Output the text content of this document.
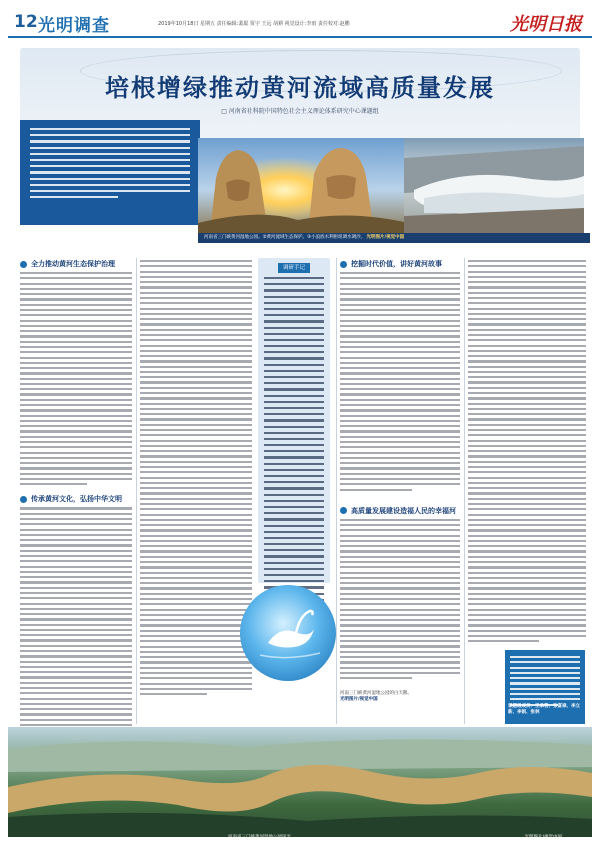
12 光明调查	2019年10月18日 星期五 责任编辑:裴聪 贾宇 王远 胡耕 视觉设计:李雨 责任校对:赵鹏	光明日报
培根增绿推动黄河流域高质量发展
□ 河南省社科院中国特色社会主义理论体系研究中心课题组
河南省三门峡黄河湿地公园。②黄河流域生态保护。③小浪底水利枢纽调水调沙。 光明图片/视觉中国
全力推动黄河生态保护治理
传承黄河文化，弘扬中华文明
调研手记	挖掘时代价值，讲好黄河故事
高质量发展建设造福人民的幸福河
河南三门峡黄河湿地公园的白天鹅。
光明图片/视觉中国
课题组成员：王承哲、张富禄、李立新、李娟、张林
河南省三门峡黄河湿地公园风光	光明图片/视觉中国
